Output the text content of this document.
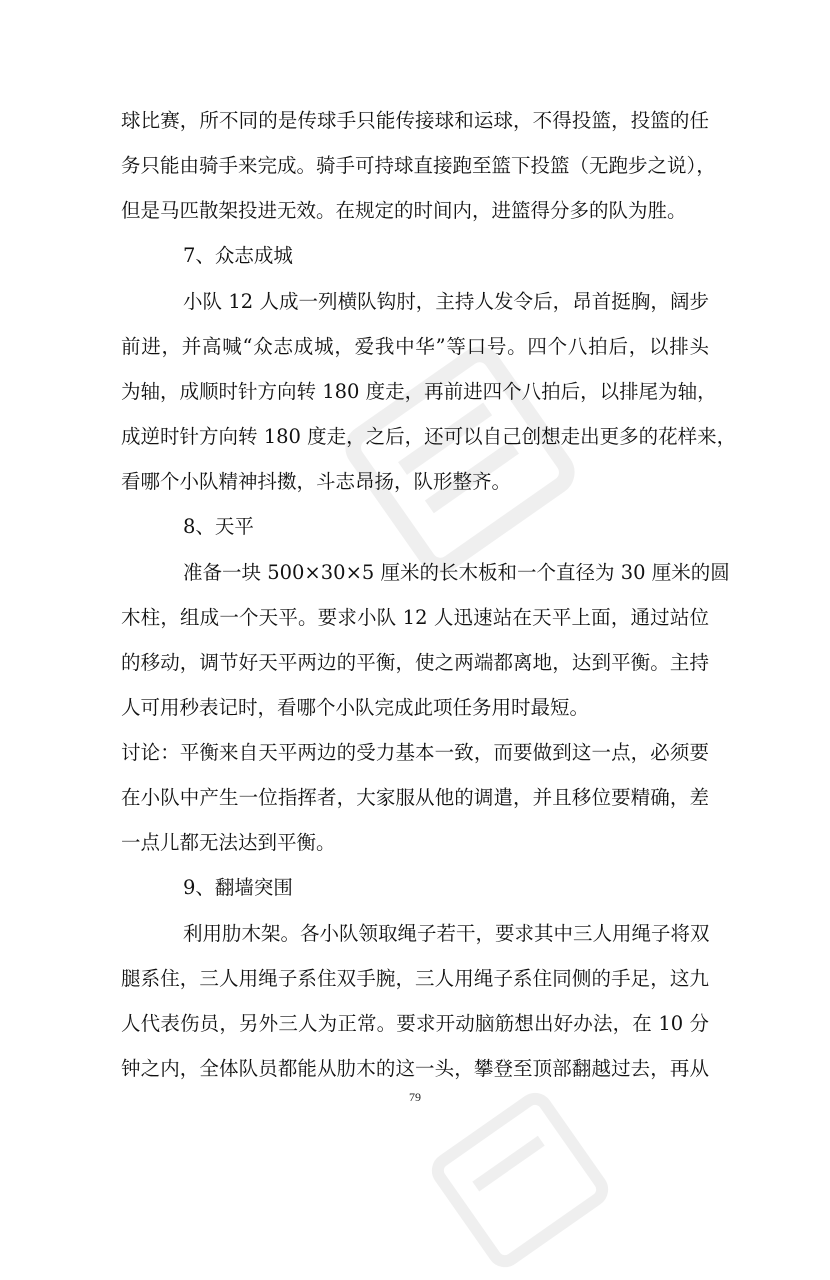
球比赛，所不同的是传球手只能传接球和运球，不得投篮，投篮的任
务只能由骑手来完成。骑手可持球直接跑至篮下投篮（无跑步之说），
但是马匹散架投进无效。在规定的时间内，进篮得分多的队为胜。
7、众志成城
小队 12 人成一列横队钩肘，主持人发令后，昂首挺胸，阔步
前进，并高喊“众志成城，爱我中华”等口号。四个八拍后，以排头
为轴，成顺时针方向转 180 度走，再前进四个八拍后，以排尾为轴，
成逆时针方向转 180 度走，之后，还可以自己创想走出更多的花样来，
看哪个小队精神抖擞，斗志昂扬，队形整齐。
8、天平
准备一块 500×30×5 厘米的长木板和一个直径为 30 厘米的圆
木柱，组成一个天平。要求小队 12 人迅速站在天平上面，通过站位
的移动，调节好天平两边的平衡，使之两端都离地，达到平衡。主持
人可用秒表记时，看哪个小队完成此项任务用时最短。
讨论：平衡来自天平两边的受力基本一致，而要做到这一点，必须要
在小队中产生一位指挥者，大家服从他的调遣，并且移位要精确，差
一点儿都无法达到平衡。
9、翻墙突围
利用肋木架。各小队领取绳子若干，要求其中三人用绳子将双
腿系住，三人用绳子系住双手腕，三人用绳子系住同侧的手足，这九
人代表伤员，另外三人为正常。要求开动脑筋想出好办法，在 10 分
钟之内，全体队员都能从肋木的这一头，攀登至顶部翻越过去，再从
79
